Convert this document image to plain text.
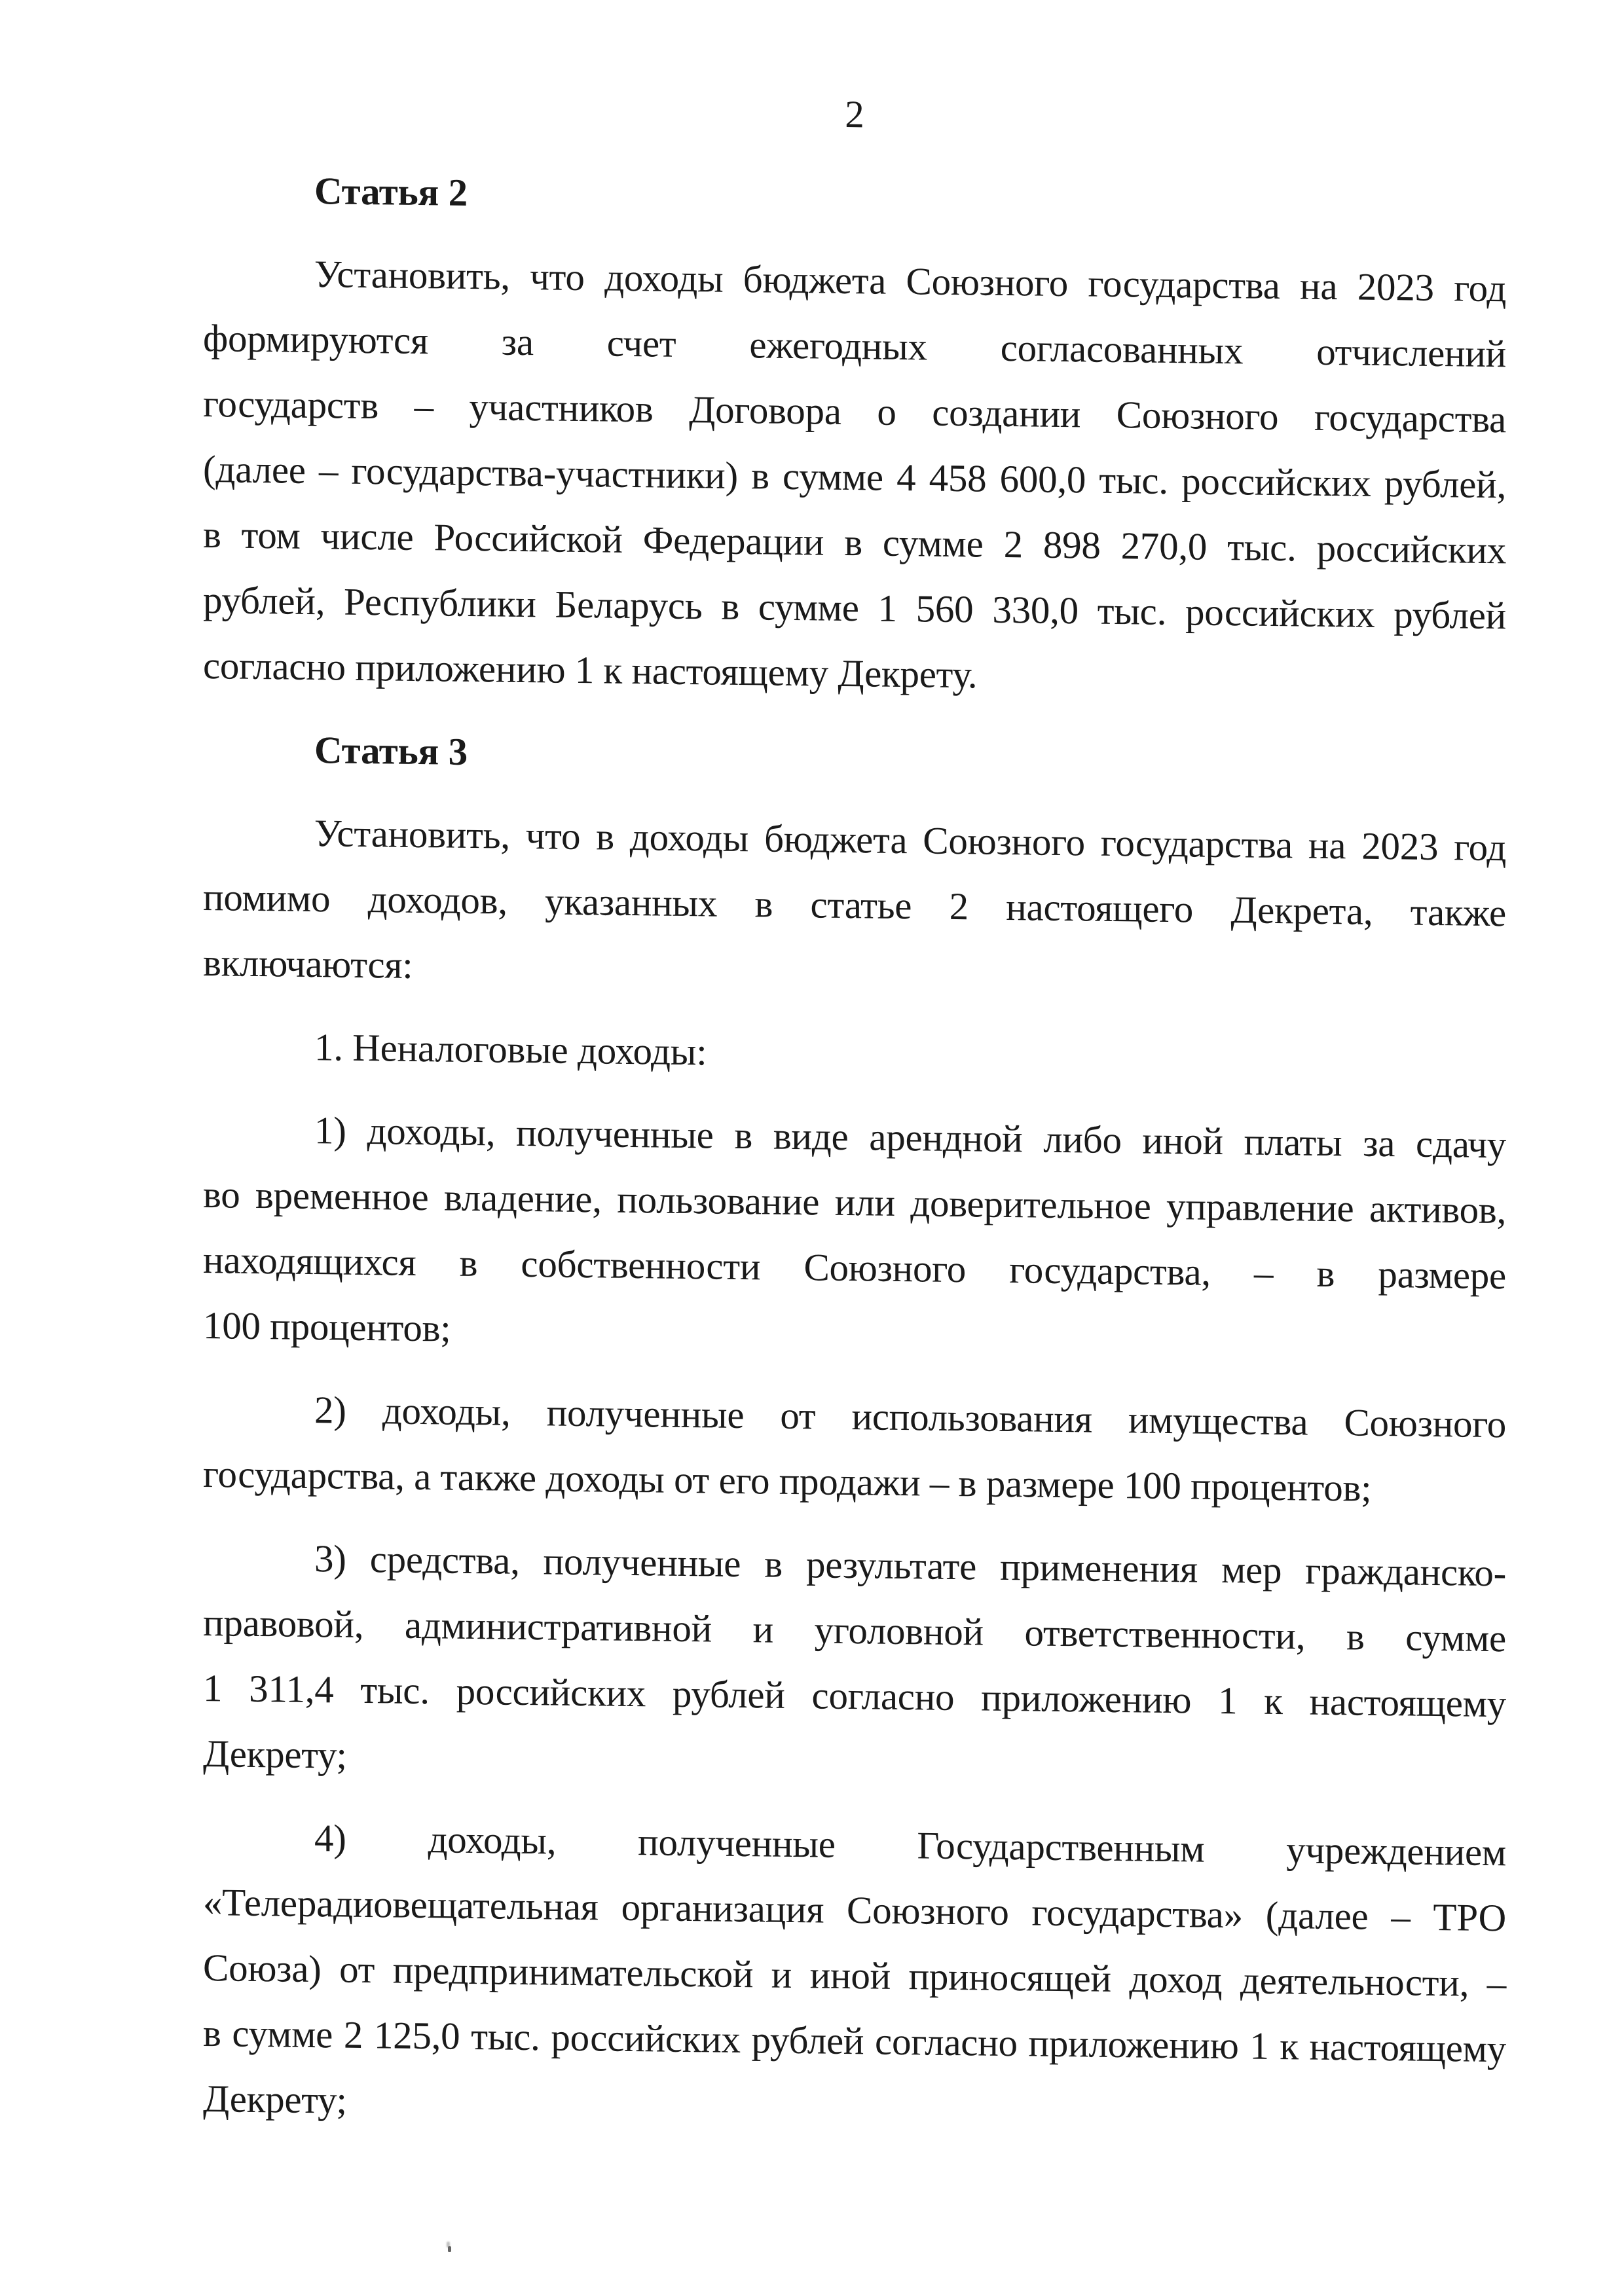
2
Статья 2
Установить, что доходы бюджета Союзного государства на 2023 год
формируются за счет ежегодных согласованных отчислений
государств – участников Договора о создании Союзного государства
(далее – государства-участники) в сумме 4 458 600,0 тыс. российских рублей,
в том числе Российской Федерации в сумме 2 898 270,0 тыс. российских
рублей, Республики Беларусь в сумме 1 560 330,0 тыс. российских рублей
согласно приложению 1 к настоящему Декрету.
Статья 3
Установить, что в доходы бюджета Союзного государства на 2023 год
помимо доходов, указанных в статье 2 настоящего Декрета, также
включаются:
1. Неналоговые доходы:
1) доходы, полученные в виде арендной либо иной платы за сдачу
во временное владение, пользование или доверительное управление активов,
находящихся в собственности Союзного государства, – в размере
100 процентов;
2) доходы, полученные от использования имущества Союзного
государства, а также доходы от его продажи – в размере 100 процентов;
3) средства, полученные в результате применения мер гражданско-
правовой, административной и уголовной ответственности, в сумме
1 311,4 тыс. российских рублей согласно приложению 1 к настоящему
Декрету;
4) доходы, полученные Государственным учреждением
«Телерадиовещательная организация Союзного государства» (далее – ТРО
Союза) от предпринимательской и иной приносящей доход деятельности, –
в сумме 2 125,0 тыс. российских рублей согласно приложению 1 к настоящему
Декрету;
